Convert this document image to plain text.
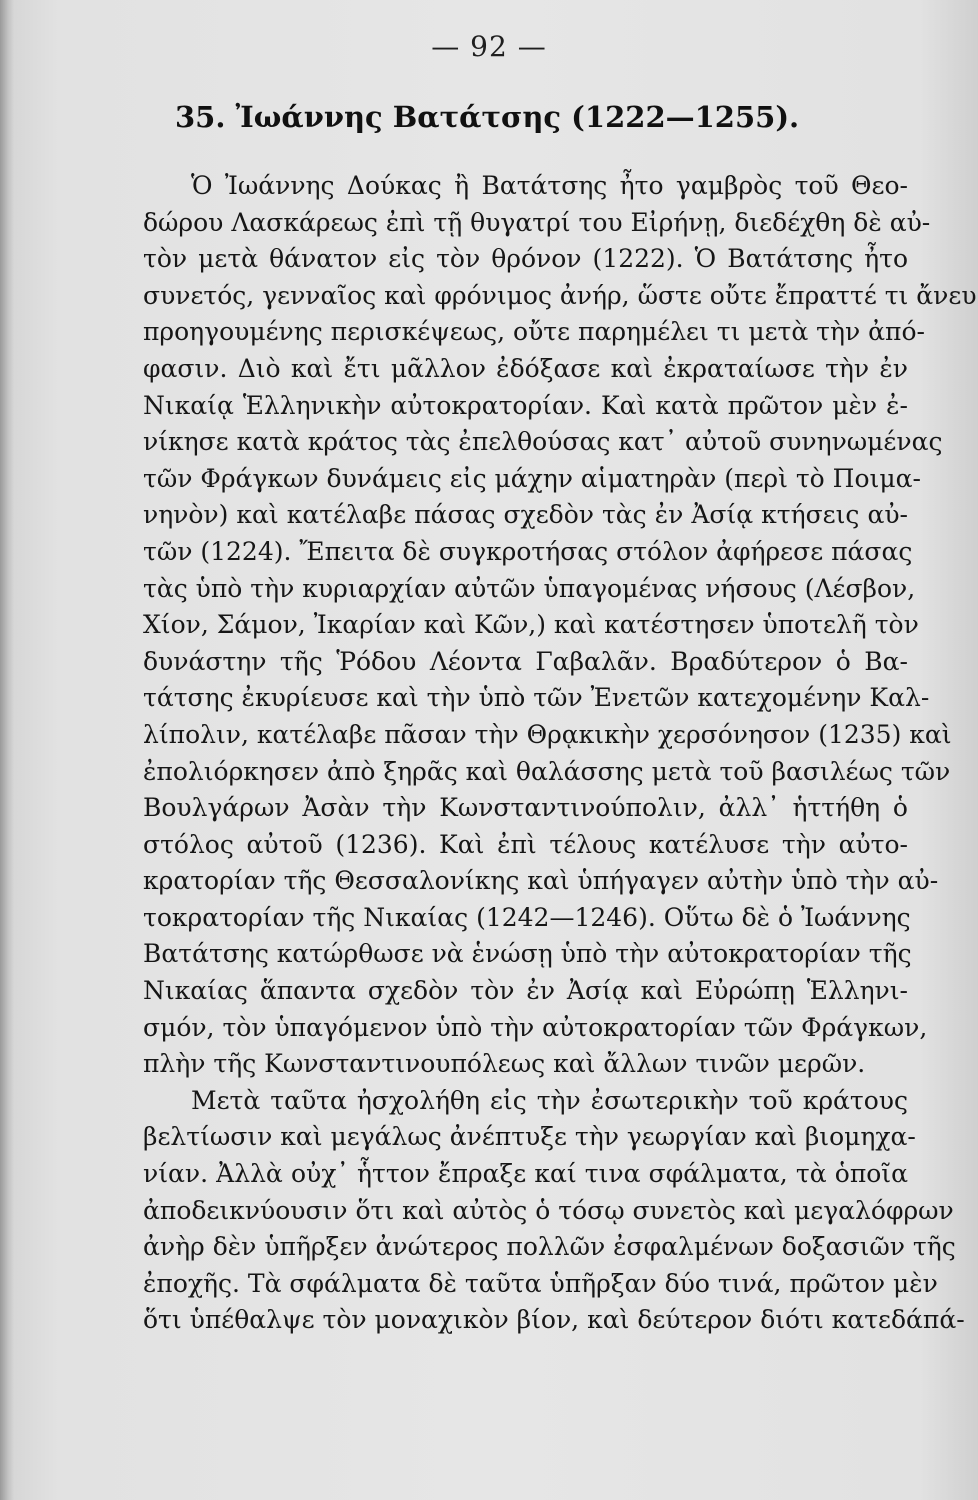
— 92 —
35. Ἰωάννης Βατάτσης (1222—1255).
Ὁ Ἰωάννης Δούκας ἢ Βατάτσης ἦτο γαμβρὸς τοῦ Θεο-
δώρου Λασκάρεως ἐπὶ τῇ θυγατρί του Εἰρήνῃ, διεδέχθη δὲ αὐ-
τὸν μετὰ θάνατον εἰς τὸν θρόνον (1222). Ὁ Βατάτσης ἦτο
συνετός, γενναῖος καὶ φρόνιμος ἀνήρ, ὥστε οὔτε ἔπραττέ τι ἄνευ
προηγουμένης περισκέψεως, οὔτε παρημέλει τι μετὰ τὴν ἀπό-
φασιν. Διὸ καὶ ἔτι μᾶλλον ἐδόξασε καὶ ἐκραταίωσε τὴν ἐν
Νικαίᾳ Ἑλληνικὴν αὐτοκρατορίαν. Καὶ κατὰ πρῶτον μὲν ἐ-
νίκησε κατὰ κράτος τὰς ἐπελθούσας κατ᾽ αὐτοῦ συνηνωμένας
τῶν Φράγκων δυνάμεις εἰς μάχην αἱματηρὰν (περὶ τὸ Ποιμα-
νηνὸν) καὶ κατέλαβε πάσας σχεδὸν τὰς ἐν Ἀσίᾳ κτήσεις αὐ-
τῶν (1224). Ἔπειτα δὲ συγκροτήσας στόλον ἀφήρεσε πάσας
τὰς ὑπὸ τὴν κυριαρχίαν αὐτῶν ὑπαγομένας νήσους (Λέσβον,
Χίον, Σάμον, Ἰκαρίαν καὶ Κῶν,) καὶ κατέστησεν ὑποτελῆ τὸν
δυνάστην τῆς Ῥόδου Λέοντα Γαβαλᾶν. Βραδύτερον ὁ Βα-
τάτσης ἐκυρίευσε καὶ τὴν ὑπὸ τῶν Ἐνετῶν κατεχομένην Καλ-
λίπολιν, κατέλαβε πᾶσαν τὴν Θρᾳκικὴν χερσόνησον (1235) καὶ
ἐπολιόρκησεν ἀπὸ ξηρᾶς καὶ θαλάσσης μετὰ τοῦ βασιλέως τῶν
Βουλγάρων Ἀσὰν τὴν Κωνσταντινούπολιν, ἀλλ᾽ ἡττήθη ὁ
στόλος αὐτοῦ (1236). Καὶ ἐπὶ τέλους κατέλυσε τὴν αὐτο-
κρατορίαν τῆς Θεσσαλονίκης καὶ ὑπήγαγεν αὐτὴν ὑπὸ τὴν αὐ-
τοκρατορίαν τῆς Νικαίας (1242—1246). Οὕτω δὲ ὁ Ἰωάννης
Βατάτσης κατώρθωσε νὰ ἑνώσῃ ὑπὸ τὴν αὐτοκρατορίαν τῆς
Νικαίας ἅπαντα σχεδὸν τὸν ἐν Ἀσίᾳ καὶ Εὐρώπῃ Ἑλληνι-
σμόν, τὸν ὑπαγόμενον ὑπὸ τὴν αὐτοκρατορίαν τῶν Φράγκων,
πλὴν τῆς Κωνσταντινουπόλεως καὶ ἄλλων τινῶν μερῶν.
Μετὰ ταῦτα ἠσχολήθη εἰς τὴν ἐσωτερικὴν τοῦ κράτους
βελτίωσιν καὶ μεγάλως ἀνέπτυξε τὴν γεωργίαν καὶ βιομηχα-
νίαν. Ἀλλὰ οὐχ᾽ ἧττον ἔπραξε καί τινα σφάλματα, τὰ ὁποῖα
ἀποδεικνύουσιν ὅτι καὶ αὐτὸς ὁ τόσῳ συνετὸς καὶ μεγαλόφρων
ἀνὴρ δὲν ὑπῆρξεν ἀνώτερος πολλῶν ἐσφαλμένων δοξασιῶν τῆς
ἐποχῆς. Τὰ σφάλματα δὲ ταῦτα ὑπῆρξαν δύο τινά, πρῶτον μὲν
ὅτι ὑπέθαλψε τὸν μοναχικὸν βίον, καὶ δεύτερον διότι κατεδάπά-
